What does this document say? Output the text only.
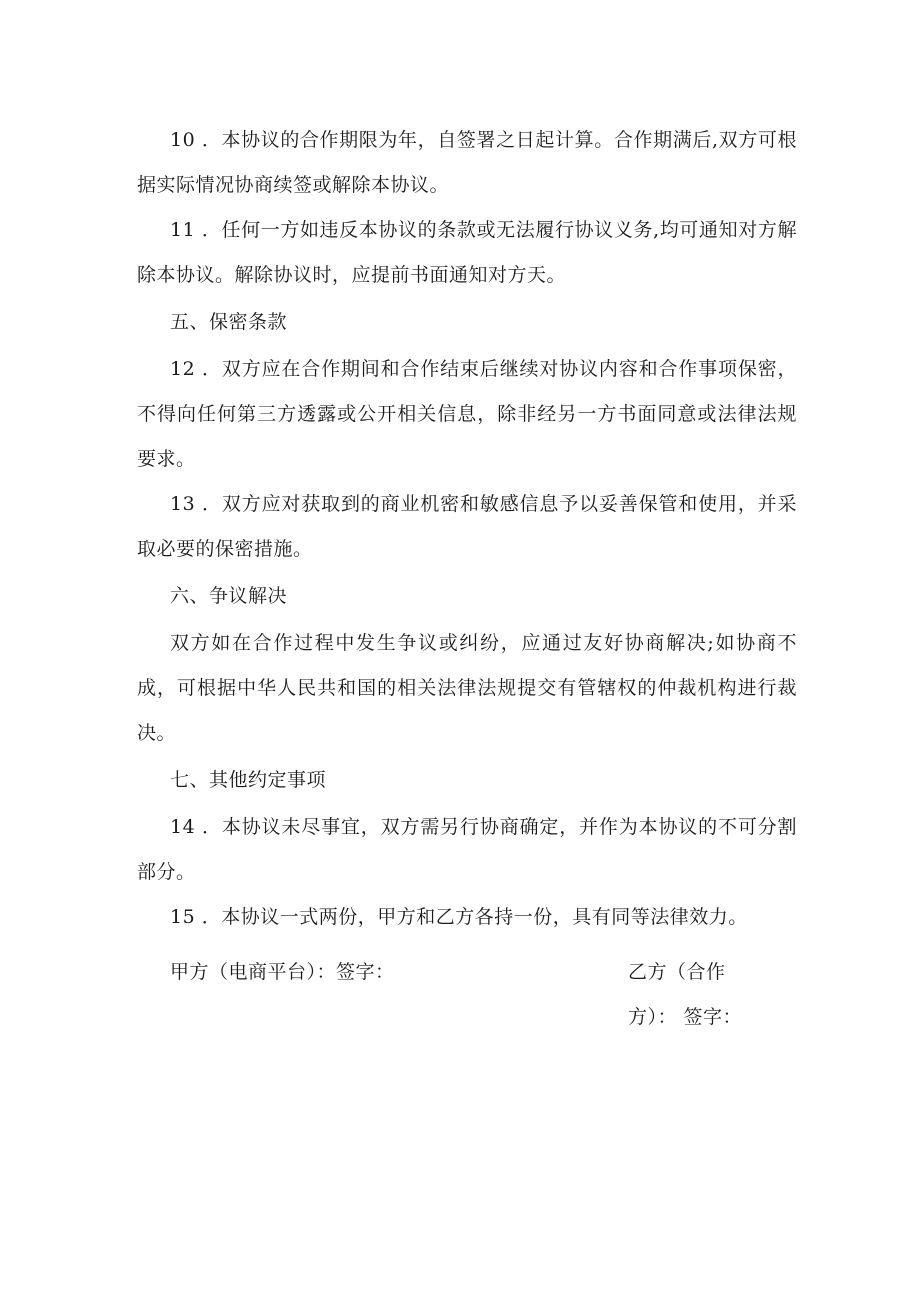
10 ．本协议的合作期限为年，自签署之日起计算。合作期满后,双方可根据实际情况协商续签或解除本协议。

11 ．任何一方如违反本协议的条款或无法履行协议义务,均可通知对方解除本协议。解除协议时，应提前书面通知对方天。

五、保密条款

12 ．双方应在合作期间和合作结束后继续对协议内容和合作事项保密，不得向任何第三方透露或公开相关信息，除非经另一方书面同意或法律法规要求。

13 ．双方应对获取到的商业机密和敏感信息予以妥善保管和使用，并采取必要的保密措施。

六、争议解决

双方如在合作过程中发生争议或纠纷，应通过友好协商解决;如协商不成，可根据中华人民共和国的相关法律法规提交有管辖权的仲裁机构进行裁决。

七、其他约定事项

14 ．本协议未尽事宜，双方需另行协商确定，并作为本协议的不可分割部分。

15 ．本协议一式两份，甲方和乙方各持一份，具有同等法律效力。

甲方（电商平台）：签字：	乙方（合作方）： 签字：
